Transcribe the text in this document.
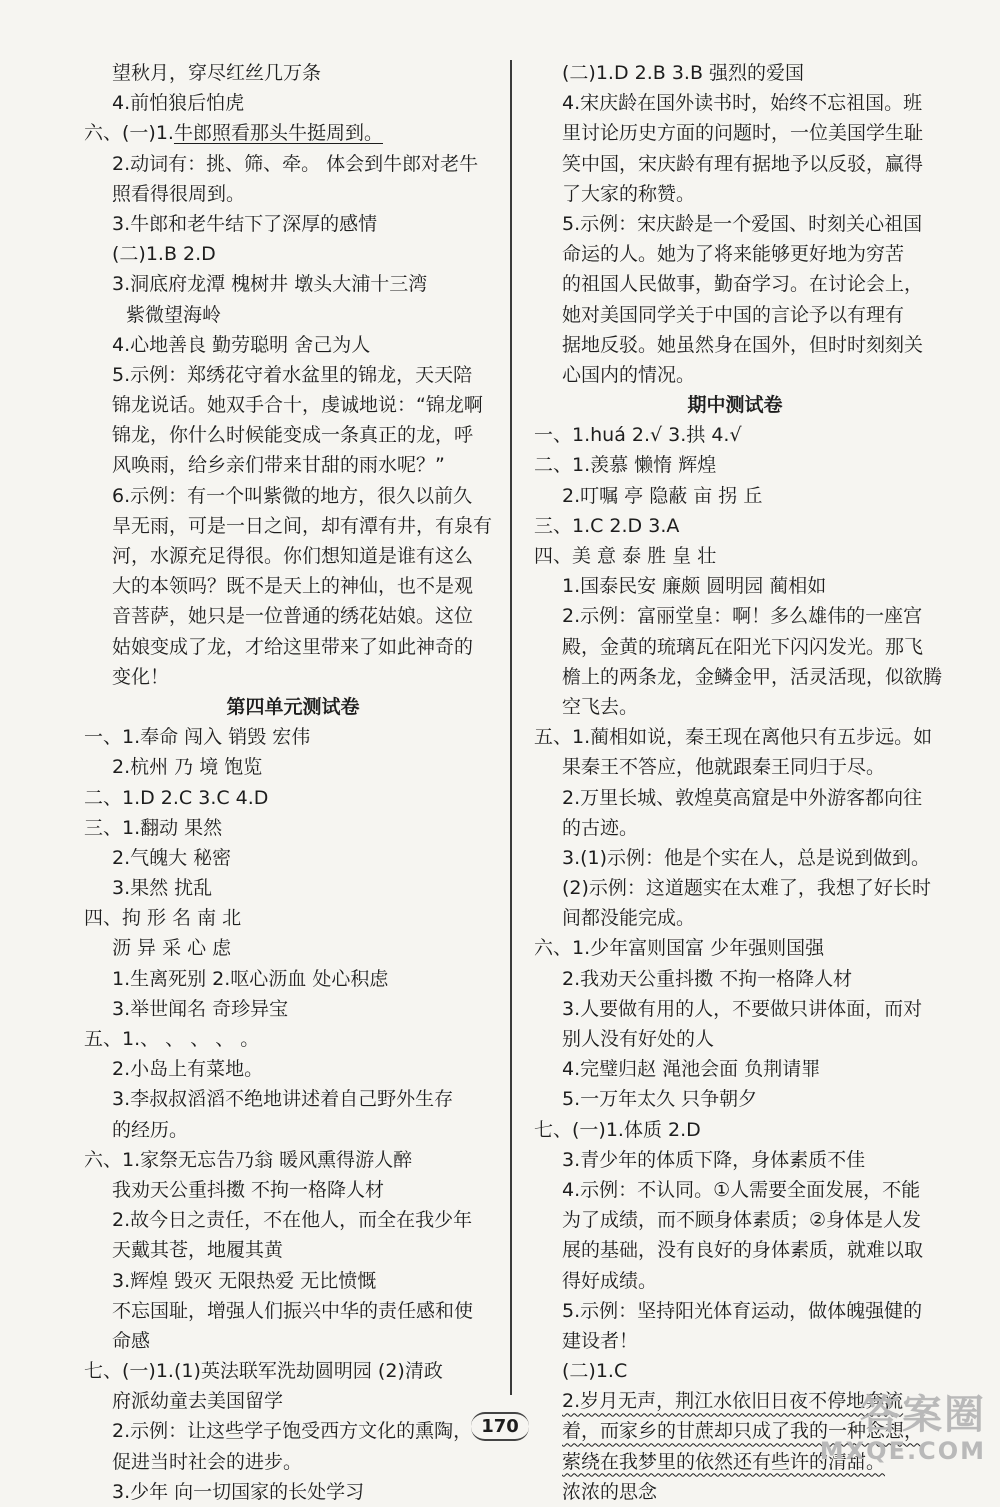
望秋月，穿尽红丝几万条
4.前怕狼后怕虎
六、(一)1.牛郎照看那头牛挺周到。
2.动词有：挑、筛、牵。 体会到牛郎对老牛
照看得很周到。
3.牛郎和老牛结下了深厚的感情
(二)1.B 2.D
3.洞底府龙潭 槐树井 墩头大浦十三湾
紫微望海岭
4.心地善良 勤劳聪明 舍己为人
5.示例：郑绣花守着水盆里的锦龙，天天陪
锦龙说话。她双手合十，虔诚地说：“锦龙啊
锦龙，你什么时候能变成一条真正的龙，呼
风唤雨，给乡亲们带来甘甜的雨水呢？”
6.示例：有一个叫紫微的地方，很久以前久
旱无雨，可是一日之间，却有潭有井，有泉有
河，水源充足得很。你们想知道是谁有这么
大的本领吗？既不是天上的神仙，也不是观
音菩萨，她只是一位普通的绣花姑娘。这位
姑娘变成了龙，才给这里带来了如此神奇的
变化！
第四单元测试卷
一、1.奉命 闯入 销毁 宏伟
2.杭州 乃 境 饱览
二、1.D 2.C 3.C 4.D
三、1.翻动 果然
2.气魄大 秘密
3.果然 扰乱
四、拘 形 名 南 北
沥 异 采 心 虑
1.生离死别 2.呕心沥血 处心积虑
3.举世闻名 奇珍异宝
五、1.、 、 、 、 。
2.小岛上有菜地。
3.李叔叔滔滔不绝地讲述着自己野外生存
的经历。
六、1.家祭无忘告乃翁 暖风熏得游人醉
我劝天公重抖擞 不拘一格降人材
2.故今日之责任，不在他人，而全在我少年
天戴其苍，地履其黄
3.辉煌 毁灭 无限热爱 无比愤慨
不忘国耻，增强人们振兴中华的责任感和使
命感
七、(一)1.(1)英法联军洗劫圆明园 (2)清政
府派幼童去美国留学
2.示例：让这些学子饱受西方文化的熏陶，
促进当时社会的进步。
3.少年 向一切国家的长处学习
(二)1.D 2.B 3.B 强烈的爱国
4.宋庆龄在国外读书时，始终不忘祖国。班
里讨论历史方面的问题时，一位美国学生耻
笑中国，宋庆龄有理有据地予以反驳，赢得
了大家的称赞。
5.示例：宋庆龄是一个爱国、时刻关心祖国
命运的人。她为了将来能够更好地为穷苦
的祖国人民做事，勤奋学习。在讨论会上，
她对美国同学关于中国的言论予以有理有
据地反驳。她虽然身在国外，但时时刻刻关
心国内的情况。
期中测试卷
一、1.huá 2.√ 3.拱 4.√
二、1.羡慕 懒惰 辉煌
2.叮嘱 亭 隐蔽 亩 拐 丘
三、1.C 2.D 3.A
四、美 意 泰 胜 皇 壮
1.国泰民安 廉颇 圆明园 蔺相如
2.示例：富丽堂皇：啊！多么雄伟的一座宫
殿，金黄的琉璃瓦在阳光下闪闪发光。那飞
檐上的两条龙，金鳞金甲，活灵活现，似欲腾
空飞去。
五、1.蔺相如说，秦王现在离他只有五步远。如
果秦王不答应，他就跟秦王同归于尽。
2.万里长城、敦煌莫高窟是中外游客都向往
的古迹。
3.(1)示例：他是个实在人，总是说到做到。
(2)示例：这道题实在太难了，我想了好长时
间都没能完成。
六、1.少年富则国富 少年强则国强
2.我劝天公重抖擞 不拘一格降人材
3.人要做有用的人，不要做只讲体面，而对
别人没有好处的人
4.完璧归赵 渑池会面 负荆请罪
5.一万年太久 只争朝夕
七、(一)1.体质 2.D
3.青少年的体质下降，身体素质不佳
4.示例：不认同。①人需要全面发展，不能
为了成绩，而不顾身体素质；②身体是人发
展的基础，没有良好的身体素质，就难以取
得好成绩。
5.示例：坚持阳光体育运动，做体魄强健的
建设者！
(二)1.C
2.岁月无声，荆江水依旧日夜不停地奔流
着，而家乡的甘蔗却只成了我的一种念想，
萦绕在我梦里的依然还有些许的清甜。
浓浓的思念
170	答案圈
MXQE.COM
